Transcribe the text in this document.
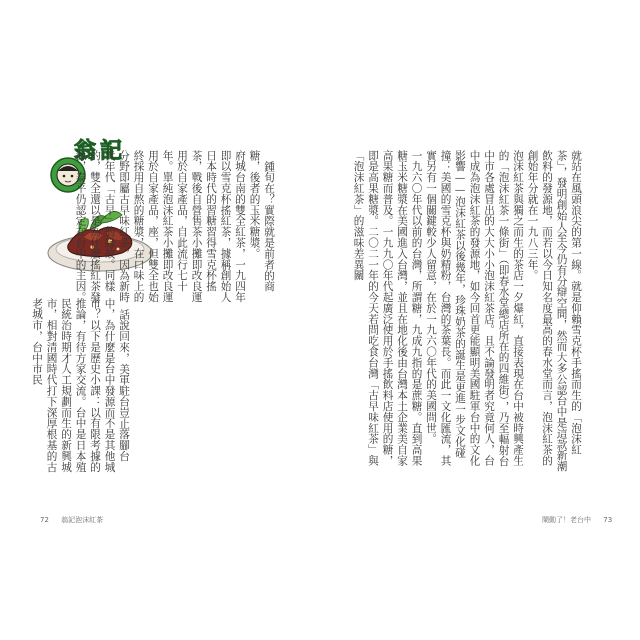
翁記

鍾旬在？實際就是前者的商糖，後者的玉米糖漿。
府城台南的雙全紅茶，一九四年即以雪克杯搖紅茶，據稱創始人日本時代的習糖習得雪克杯搖茶，戰後自營售茶小攤即改良運用於自家產品，自此流行七十年。單純泡沫紅茶小攤即改良運用於自家產品，座，但雙全也始終採用自熬的糖漿，在口味上的分野即屬古早味紅茶，因為新時代年代「古早」的緣故。同樣的，雙全還以是為什麼搖紅茶發源，泰平仍認定在台中的主因。

話說回來，美軍駐台豈止落腳台中，為什麼是台中發源而不是其他城市？以下是歷史小課：以有限考據的推論，有待方家交流。台中是日本殖民統治時期才人工規劃而生的新興城市，相對清國時代打下深厚根基的古老城市，台中市民

72 翁記泡沫紅茶

就站在風頭浪尖的第一線。就是仰賴雪克杯手搖而生的「泡沫紅茶」，發明創始人至今仍有分辯空間，然而大多公認台中是這款新潮飲料的發源地，而若以今日知名度最高的春水堂而言，泡沫紅茶的創始年分就在一九八三年。
泡沫紅茶與獨之而生的茶店一夕爆紅，直接表現在台中被時興產生的「泡沫紅茶一條街」（即春水堂總店所在的四維街），乃至輻射台中市各處冒出的大大小小泡沫紅茶店。且不論發明者究竟何人，台中成為泡沫紅茶的發源地，如今回首更能顯明美國駐軍台中的文化影響——泡沫紅茶以後幾年，珍珠奶茶的誕生是更進一步文化碰撞：美國的雪克杯與奶精粉，台灣的茶葉長。而此一文化匯流，其實另有一個關鍵較少人留意，在於一九六〇年代的美國問世。
一九六〇年代以前的台灣，所謂糖，九成九指的是蔗糖。直到高果糖玉米糖漿在美國進入台灣，並且在地化後由台灣本土企業美自家高果糖而普及。一九九〇年代起廣泛使用於手搖飲料店使用的糖，即是高果糖漿。二〇二一年的今天若問吃食台灣「古早味紅茶」與「泡沫紅茶」的滋味差異關

鬧動了！老台中 73
